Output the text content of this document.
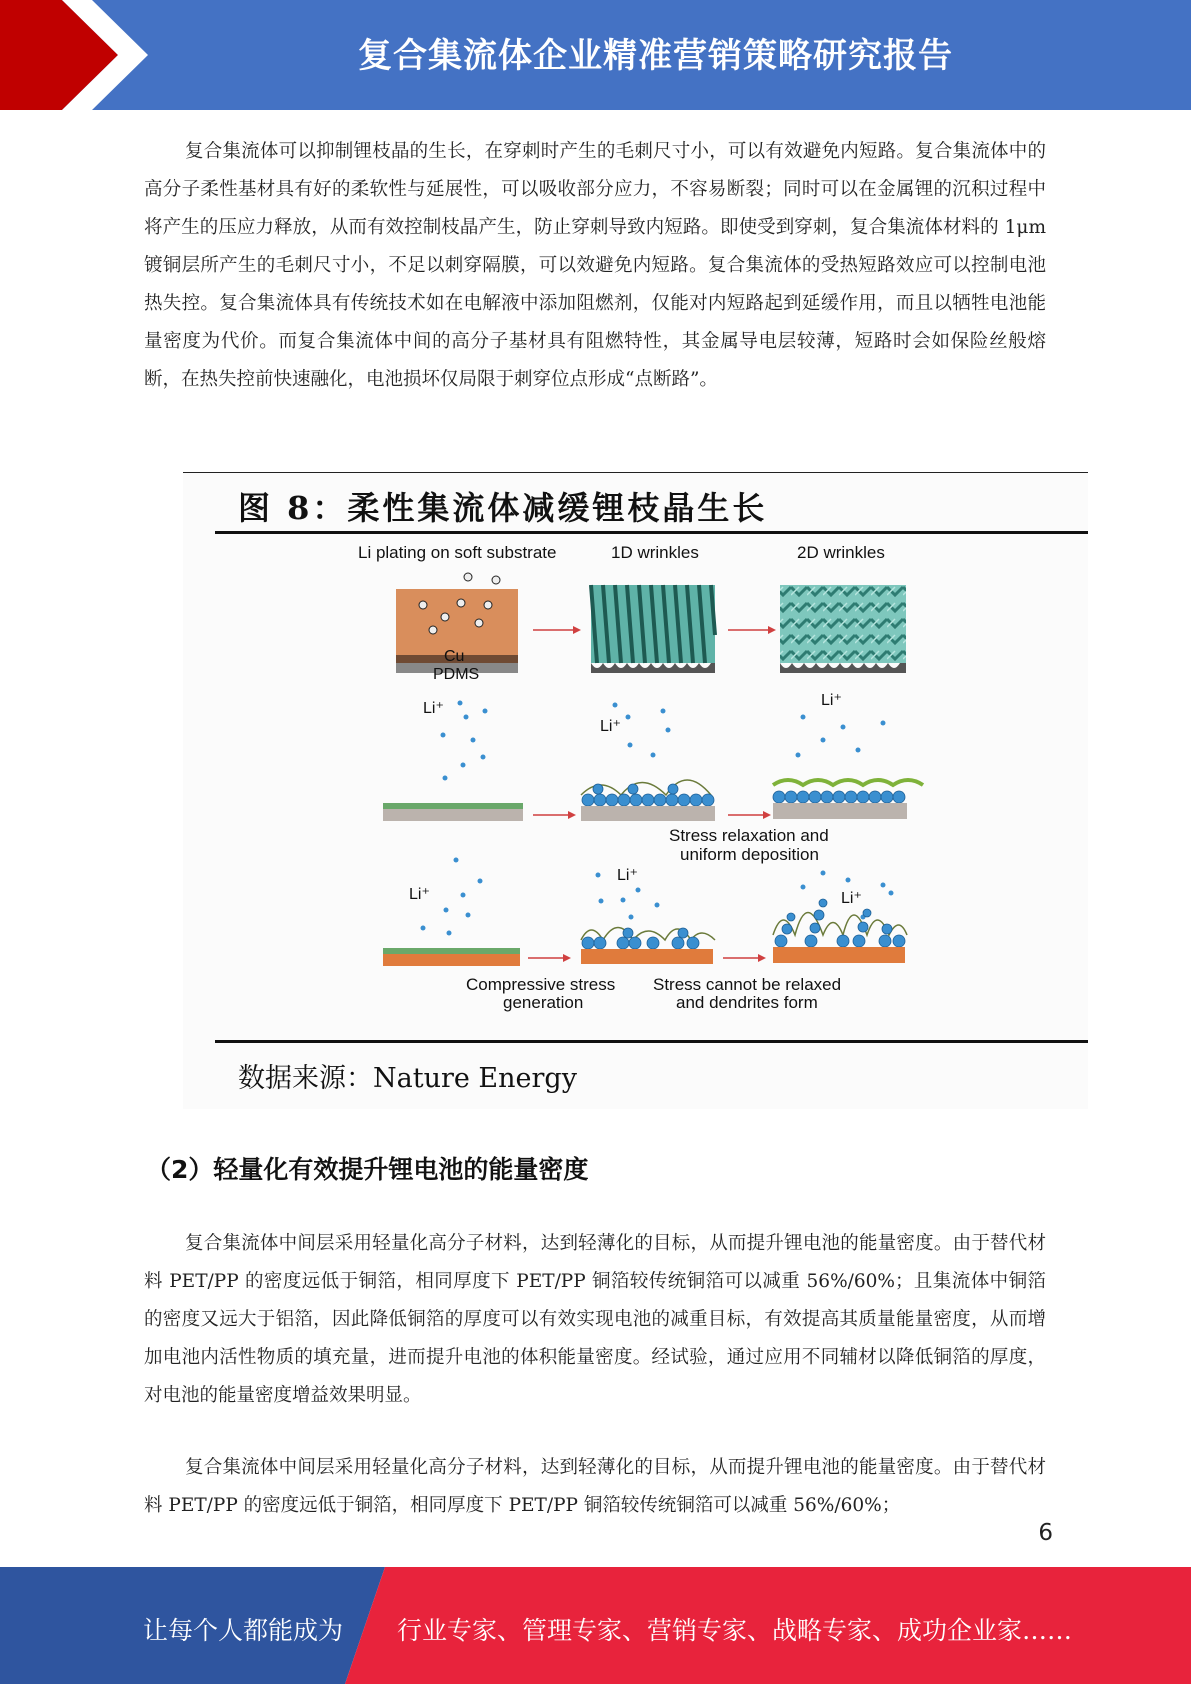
复合集流体企业精准营销策略研究报告

复合集流体可以抑制锂枝晶的生长，在穿刺时产生的毛刺尺寸小，可以有效避免内短路。复合集流体中的高分子柔性基材具有好的柔软性与延展性，可以吸收部分应力，不容易断裂；同时可以在金属锂的沉积过程中将产生的压应力释放，从而有效控制枝晶产生，防止穿刺导致内短路。即使受到穿刺，复合集流体材料的 1μm 镀铜层所产生的毛刺尺寸小，不足以刺穿隔膜，可以效避免内短路。复合集流体的受热短路效应可以控制电池热失控。复合集流体具有传统技术如在电解液中添加阻燃剂，仅能对内短路起到延缓作用，而且以牺牲电池能量密度为代价。而复合集流体中间的高分子基材具有阻燃特性，其金属导电层较薄，短路时会如保险丝般熔断，在热失控前快速融化，电池损坏仅局限于刺穿位点形成“点断路”。

图 8：柔性集流体减缓锂枝晶生长
Li plating on soft substrate	1D wrinkles	2D wrinkles
Cu
PDMS
Li⁺
Li⁺
Li⁺
Stress relaxation and
uniform deposition
Li⁺
Li⁺
Li⁺
Compressive stress
generation
Stress cannot be relaxed
and dendrites form
数据来源：Nature Energy
（2）轻量化有效提升锂电池的能量密度

复合集流体中间层采用轻量化高分子材料，达到轻薄化的目标，从而提升锂电池的能量密度。由于替代材料 PET/PP 的密度远低于铜箔，相同厚度下 PET/PP 铜箔较传统铜箔可以减重 56%/60%；且集流体中铜箔的密度又远大于铝箔，因此降低铜箔的厚度可以有效实现电池的减重目标，有效提高其质量能量密度，从而增加电池内活性物质的填充量，进而提升电池的体积能量密度。经试验，通过应用不同辅材以降低铜箔的厚度，对电池的能量密度增益效果明显。

复合集流体中间层采用轻量化高分子材料，达到轻薄化的目标，从而提升锂电池的能量密度。由于替代材料 PET/PP 的密度远低于铜箔，相同厚度下 PET/PP 铜箔较传统铜箔可以减重 56%/60%；

6
让每个人都能成为 行业专家、管理专家、营销专家、战略专家、成功企业家……
